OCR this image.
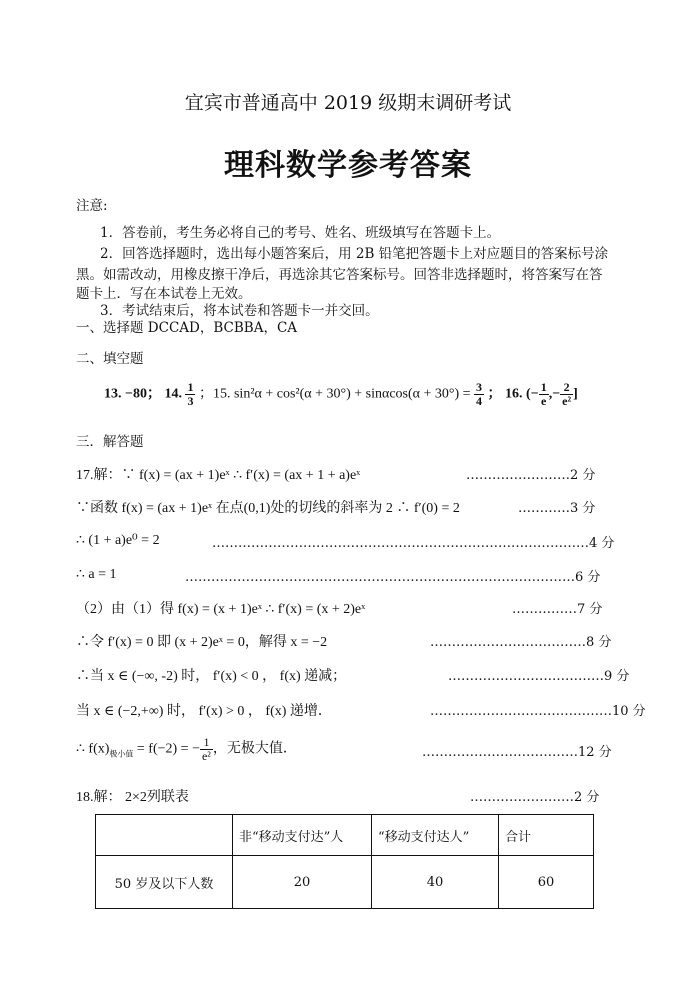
宜宾市普通高中 2019 级期末调研考试
理科数学参考答案
注意:
1．答卷前，考生务必将自己的考号、姓名、班级填写在答题卡上。
2．回答选择题时，选出每小题答案后，用 2B 铅笔把答题卡上对应题目的答案标号涂
黑。如需改动，用橡皮擦干净后，再选涂其它答案标号。回答非选择题时，将答案写在答
题卡上．写在本试卷上无效。
3．考试结束后，将本试卷和答题卡一并交回。
一、选择题 DCCAD，BCBBA，CA
二、填空题
13. −80； 14. $\frac{1}{3}$ ；15. $\sin^2\alpha + \cos^2(\alpha + 30^\circ) + \sin\alpha\cos(\alpha + 30^\circ) = \frac{3}{4}$ ； 16. (− $\frac{1}{e}$ ,− $\frac{2}{\text{e²}}$ ]
三．解答题
17.解：∵ f(x) = (ax + 1)eˣ ∴ f′(x) = (ax + 1 + a)eˣ	……………………2 分
∵函数 f(x) = (ax + 1)eˣ 在点(0,1)处的切线的斜率为 2 ∴ f′(0) = 2	…………3 分
∴ (1 + a)e⁰ = 2	……………………………………………………………………………4 分
∴ a = 1	………………………………………………………………………………6 分
（2）由（1）得 f(x) = (x + 1)eˣ ∴ f′(x) = (x + 2)eˣ	……………7 分
∴令 f′(x) = 0 即 (x + 2)eˣ = 0，解得 x = −2	………………………………8 分
∴当 x ∈ (−∞, -2) 时， f′(x) < 0 ， f(x) 递减；	………………………………9 分
当 x ∈ (−2,+∞) 时， f′(x) > 0 ， f(x) 递增．	……………………………………10 分
∴ $f(x)_{极小值} = f(-2)$ = − $\frac{1}{\text{e²}}$ ，无极大值．	………………………………12 分
18.解： 2×2列联表	……………………2 分
	非“移动支付达”人	“移动支付达人”	合计
50 岁及以下人数	20	40	60
